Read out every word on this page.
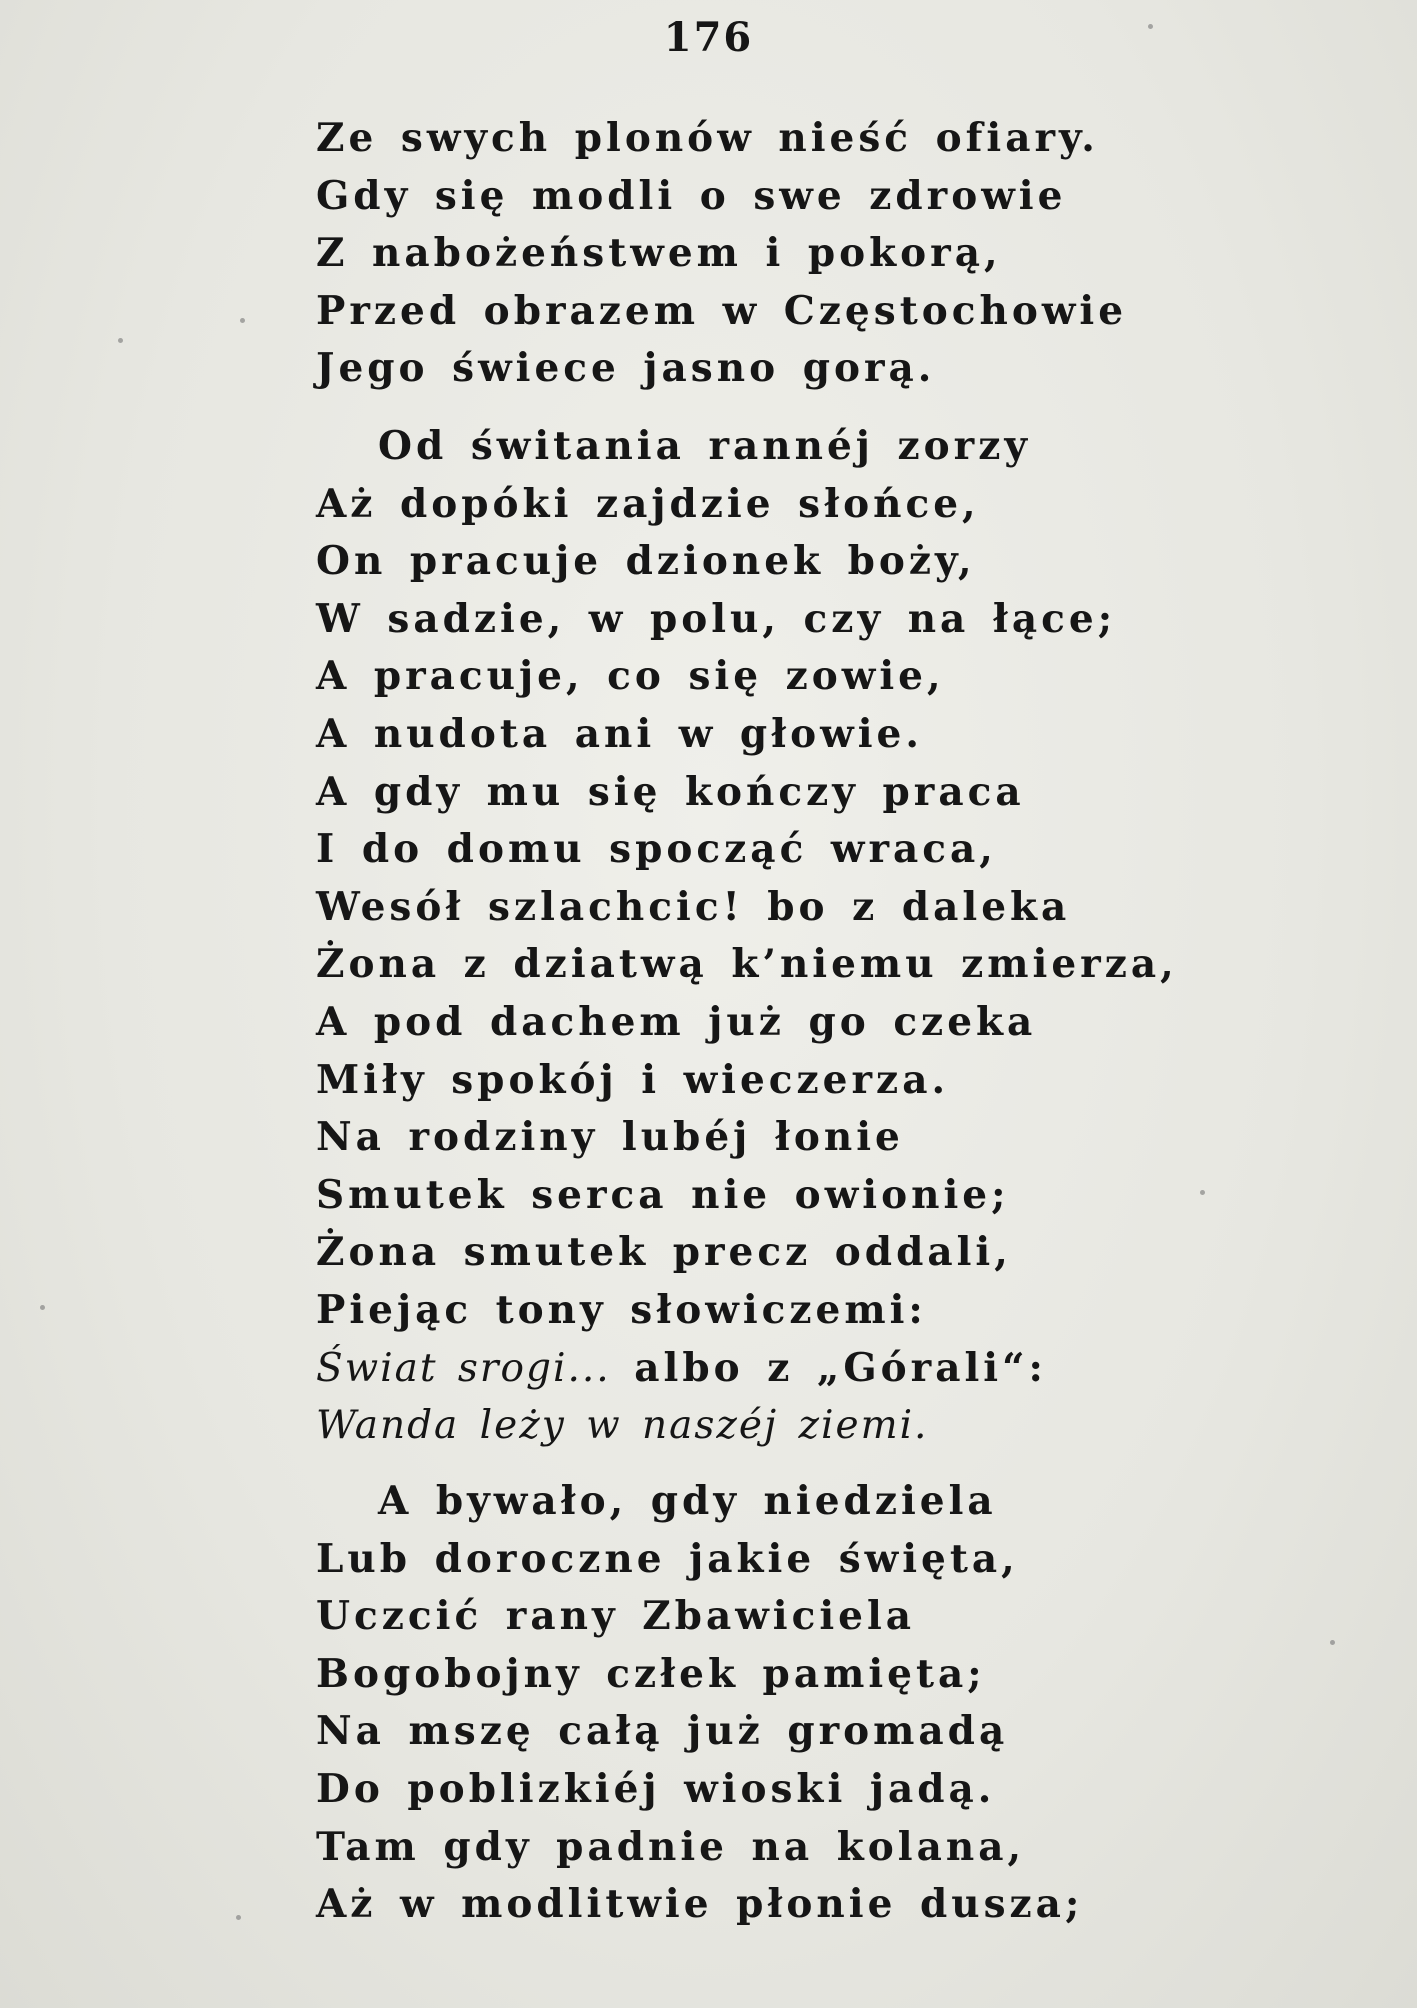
176
Ze swych plonów nieść ofiary.
Gdy się modli o swe zdrowie
Z nabożeństwem i pokorą,
Przed obrazem w Częstochowie
Jego świece jasno gorą.
Od świtania rannéj zorzy
Aż dopóki zajdzie słońce,
On pracuje dzionek boży,
W sadzie, w polu, czy na łące;
A pracuje, co się zowie,
A nudota ani w głowie.
A gdy mu się kończy praca
I do domu spocząć wraca,
Wesół szlachcic! bo z daleka
Żona z dziatwą k’niemu zmierza,
A pod dachem już go czeka
Miły spokój i wieczerza.
Na rodziny lubéj łonie
Smutek serca nie owionie;
Żona smutek precz oddali,
Piejąc tony słowiczemi:
Świat srogi... albo z „Górali“:
Wanda leży w naszéj ziemi.
A bywało, gdy niedziela
Lub doroczne jakie święta,
Uczcić rany Zbawiciela
Bogobojny człek pamięta;
Na mszę całą już gromadą
Do poblizkiéj wioski jadą.
Tam gdy padnie na kolana,
Aż w modlitwie płonie dusza;
